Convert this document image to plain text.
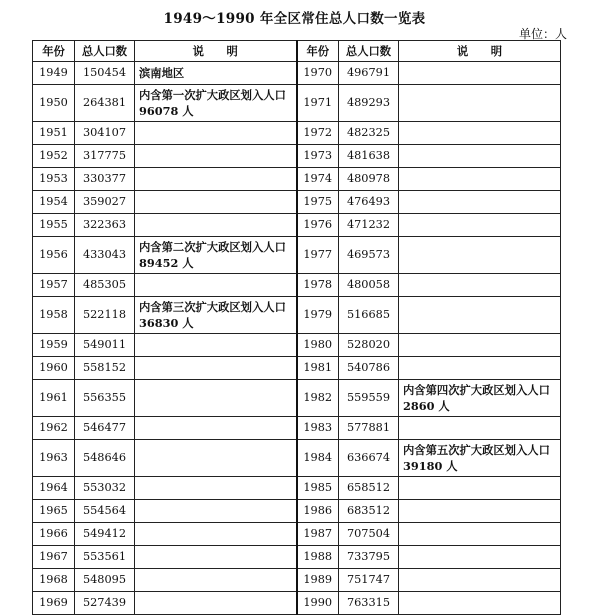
1949～1990 年全区常住总人口数一览表
单位：人
年份	总人口数	说　　明	年份	总人口数	说　　明
1949	150454	滨南地区	1970	496791	
1950	264381	内含第一次扩大政区划入人口 96078 人	1971	489293	
1951	304107		1972	482325	
1952	317775		1973	481638	
1953	330377		1974	480978	
1954	359027		1975	476493	
1955	322363		1976	471232	
1956	433043	内含第二次扩大政区划入人口 89452 人	1977	469573	
1957	485305		1978	480058	
1958	522118	内含第三次扩大政区划入人口 36830 人	1979	516685	
1959	549011		1980	528020	
1960	558152		1981	540786	
1961	556355		1982	559559	内含第四次扩大政区划入人口 2860 人
1962	546477		1983	577881	
1963	548646		1984	636674	内含第五次扩大政区划入人口 39180 人
1964	553032		1985	658512	
1965	554564		1986	683512	
1966	549412		1987	707504	
1967	553561		1988	733795	
1968	548095		1989	751747	
1969	527439		1990	763315	
